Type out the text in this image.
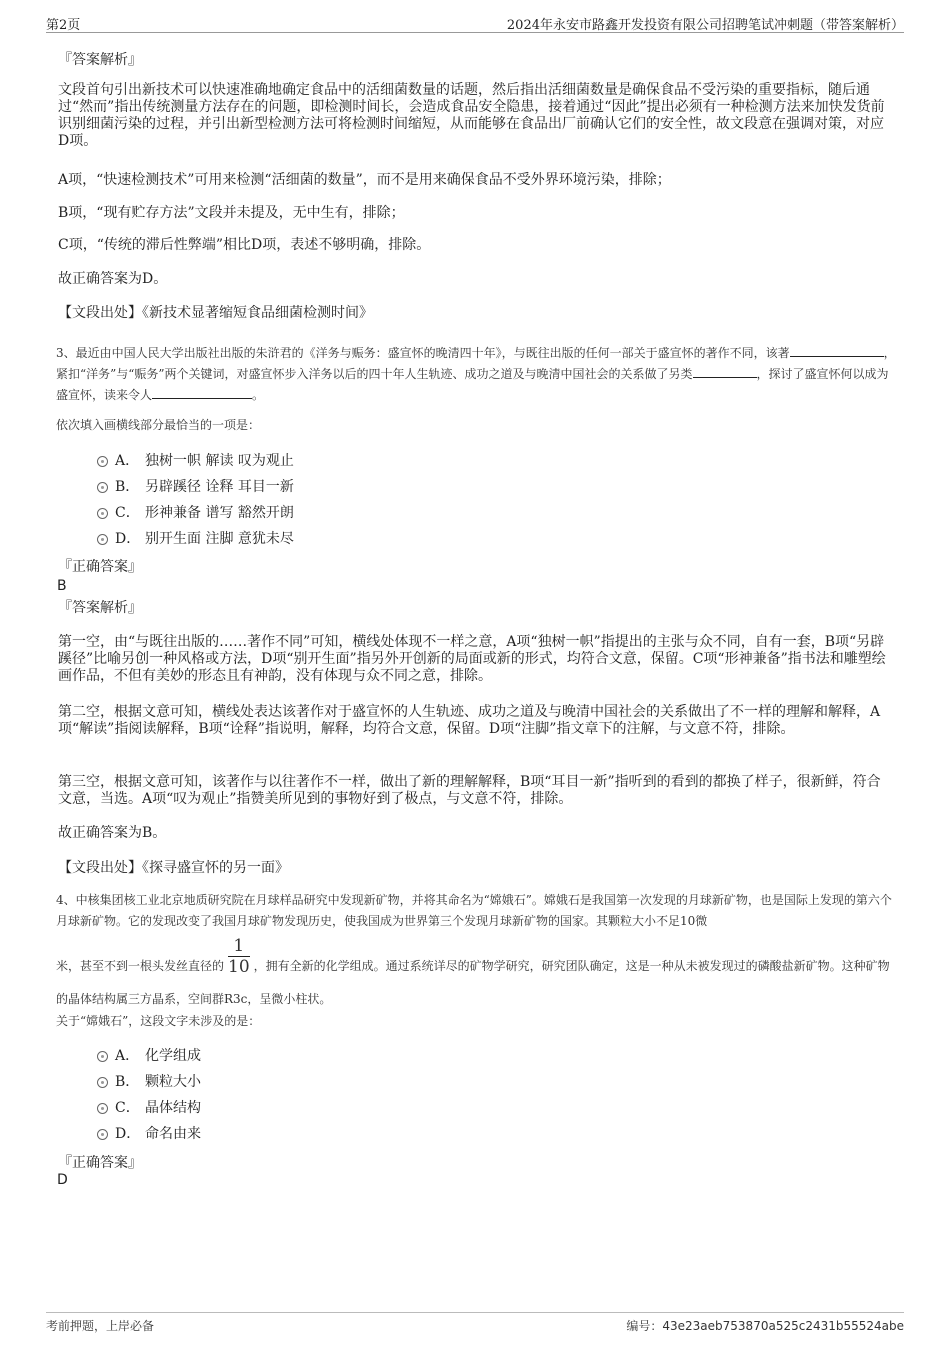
第2页	2024年永安市路鑫开发投资有限公司招聘笔试冲刺题（带答案解析）
『答案解析』

文段首句引出新技术可以快速准确地确定食品中的活细菌数量的话题，然后指出活细菌数量是确保食品不受污染的重要指标，随后通过“然而”指出传统测量方法存在的问题，即检测时间长，会造成食品安全隐患，接着通过“因此”提出必须有一种检测方法来加快发货前识别细菌污染的过程，并引出新型检测方法可将检测时间缩短，从而能够在食品出厂前确认它们的安全性，故文段意在强调对策，对应D项。

A项，“快速检测技术”可用来检测“活细菌的数量”，而不是用来确保食品不受外界环境污染，排除；

B项，“现有贮存方法”文段并未提及，无中生有，排除；

C项，“传统的滞后性弊端”相比D项，表述不够明确，排除。

故正确答案为D。

【文段出处】《新技术显著缩短食品细菌检测时间》

3、最近由中国人民大学出版社出版的朱浒君的《洋务与赈务：盛宣怀的晚清四十年》，与既往出版的任何一部关于盛宣怀的著作不同，该著	，紧扣“洋务”与“赈务”两个关键词，对盛宣怀步入洋务以后的四十年人生轨迹、成功之道及与晚清中国社会的关系做了另类	，探讨了盛宣怀何以成为盛宣怀，读来令人	。

依次填入画横线部分最恰当的一项是：

A． 独树一帜 解读 叹为观止
B． 另辟蹊径 诠释 耳目一新
C． 形神兼备 谱写 豁然开朗
D． 别开生面 注脚 意犹未尽
『正确答案』
B
『答案解析』

第一空，由“与既往出版的……著作不同”可知，横线处体现不一样之意，A项“独树一帜”指提出的主张与众不同，自有一套，B项“另辟蹊径”比喻另创一种风格或方法，D项“别开生面”指另外开创新的局面或新的形式，均符合文意，保留。C项“形神兼备”指书法和雕塑绘画作品，不但有美妙的形态且有神韵，没有体现与众不同之意，排除。

第二空，根据文意可知，横线处表达该著作对于盛宣怀的人生轨迹、成功之道及与晚清中国社会的关系做出了不一样的理解和解释，A项“解读”指阅读解释，B项“诠释”指说明，解释，均符合文意，保留。D项“注脚”指文章下的注解，与文意不符，排除。

第三空，根据文意可知，该著作与以往著作不一样，做出了新的理解解释，B项“耳目一新”指听到的看到的都换了样子，很新鲜，符合文意，当选。A项“叹为观止”指赞美所见到的事物好到了极点，与文意不符，排除。

故正确答案为B。

【文段出处】《探寻盛宣怀的另一面》

4、中核集团核工业北京地质研究院在月球样品研究中发现新矿物，并将其命名为“嫦娥石”。嫦娥石是我国第一次发现的月球新矿物，也是国际上发现的第六个月球新矿物。它的发现改变了我国月球矿物发现历史，使我国成为世界第三个发现月球新矿物的国家。其颗粒大小不足10微

米，甚至不到一根头发丝直径的 $\frac{1}{10}$ ，拥有全新的化学组成。通过系统详尽的矿物学研究，研究团队确定，这是一种从未被发现过的磷酸盐新矿物。这种矿物的晶体结构属三方晶系，空间群R3c，呈微小柱状。

关于“嫦娥石”，这段文字未涉及的是：

A． 化学组成
B． 颗粒大小
C． 晶体结构
D． 命名由来
『正确答案』
D
考前押题，上岸必备	编号：43e23aeb753870a525c2431b55524abe
